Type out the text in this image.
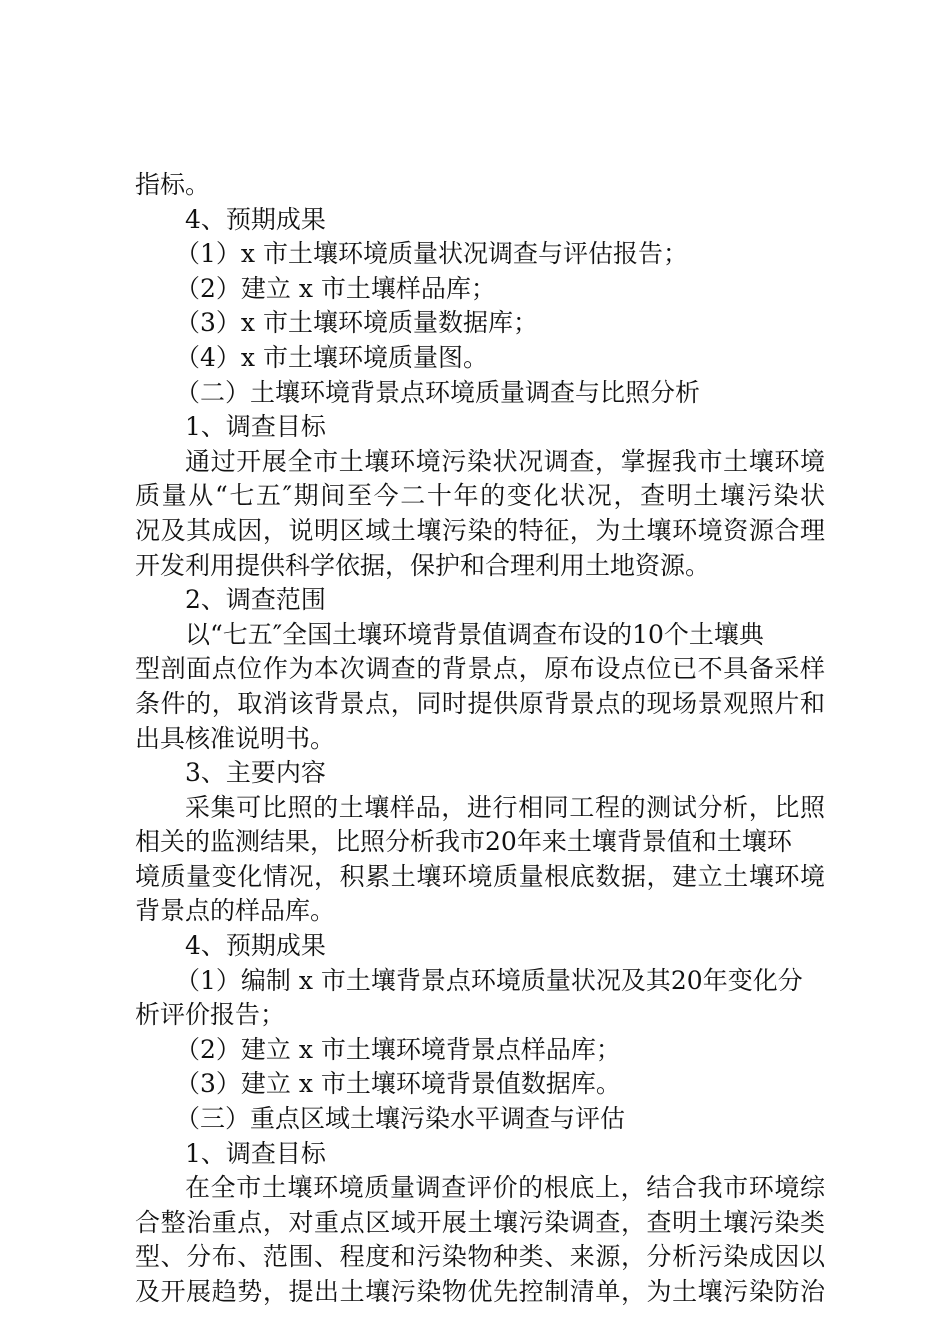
指标。
4、预期成果
（1）x 市土壤环境质量状况调查与评估报告；
（2）建立 x 市土壤样品库；
（3）x 市土壤环境质量数据库；
（4）x 市土壤环境质量图。
（二）土壤环境背景点环境质量调查与比照分析
1、调查目标
通过开展全市土壤环境污染状况调查，掌握我市土壤环境
质量从“七五″期间至今二十年的变化状况，查明土壤污染状
况及其成因，说明区域土壤污染的特征，为土壤环境资源合理
开发利用提供科学依据，保护和合理利用土地资源。
2、调查范围
以“七五″全国土壤环境背景值调查布设的10个土壤典
型剖面点位作为本次调查的背景点，原布设点位已不具备采样
条件的，取消该背景点，同时提供原背景点的现场景观照片和
出具核准说明书。
3、主要内容
采集可比照的土壤样品，进行相同工程的测试分析，比照
相关的监测结果，比照分析我市20年来土壤背景值和土壤环
境质量变化情况，积累土壤环境质量根底数据，建立土壤环境
背景点的样品库。
4、预期成果
（1）编制 x 市土壤背景点环境质量状况及其20年变化分
析评价报告；
（2）建立 x 市土壤环境背景点样品库；
（3）建立 x 市土壤环境背景值数据库。
（三）重点区域土壤污染水平调查与评估
1、调查目标
在全市土壤环境质量调查评价的根底上，结合我市环境综
合整治重点，对重点区域开展土壤污染调查，查明土壤污染类
型、分布、范围、程度和污染物种类、来源，分析污染成因以
及开展趋势，提出土壤污染物优先控制清单，为土壤污染防治
